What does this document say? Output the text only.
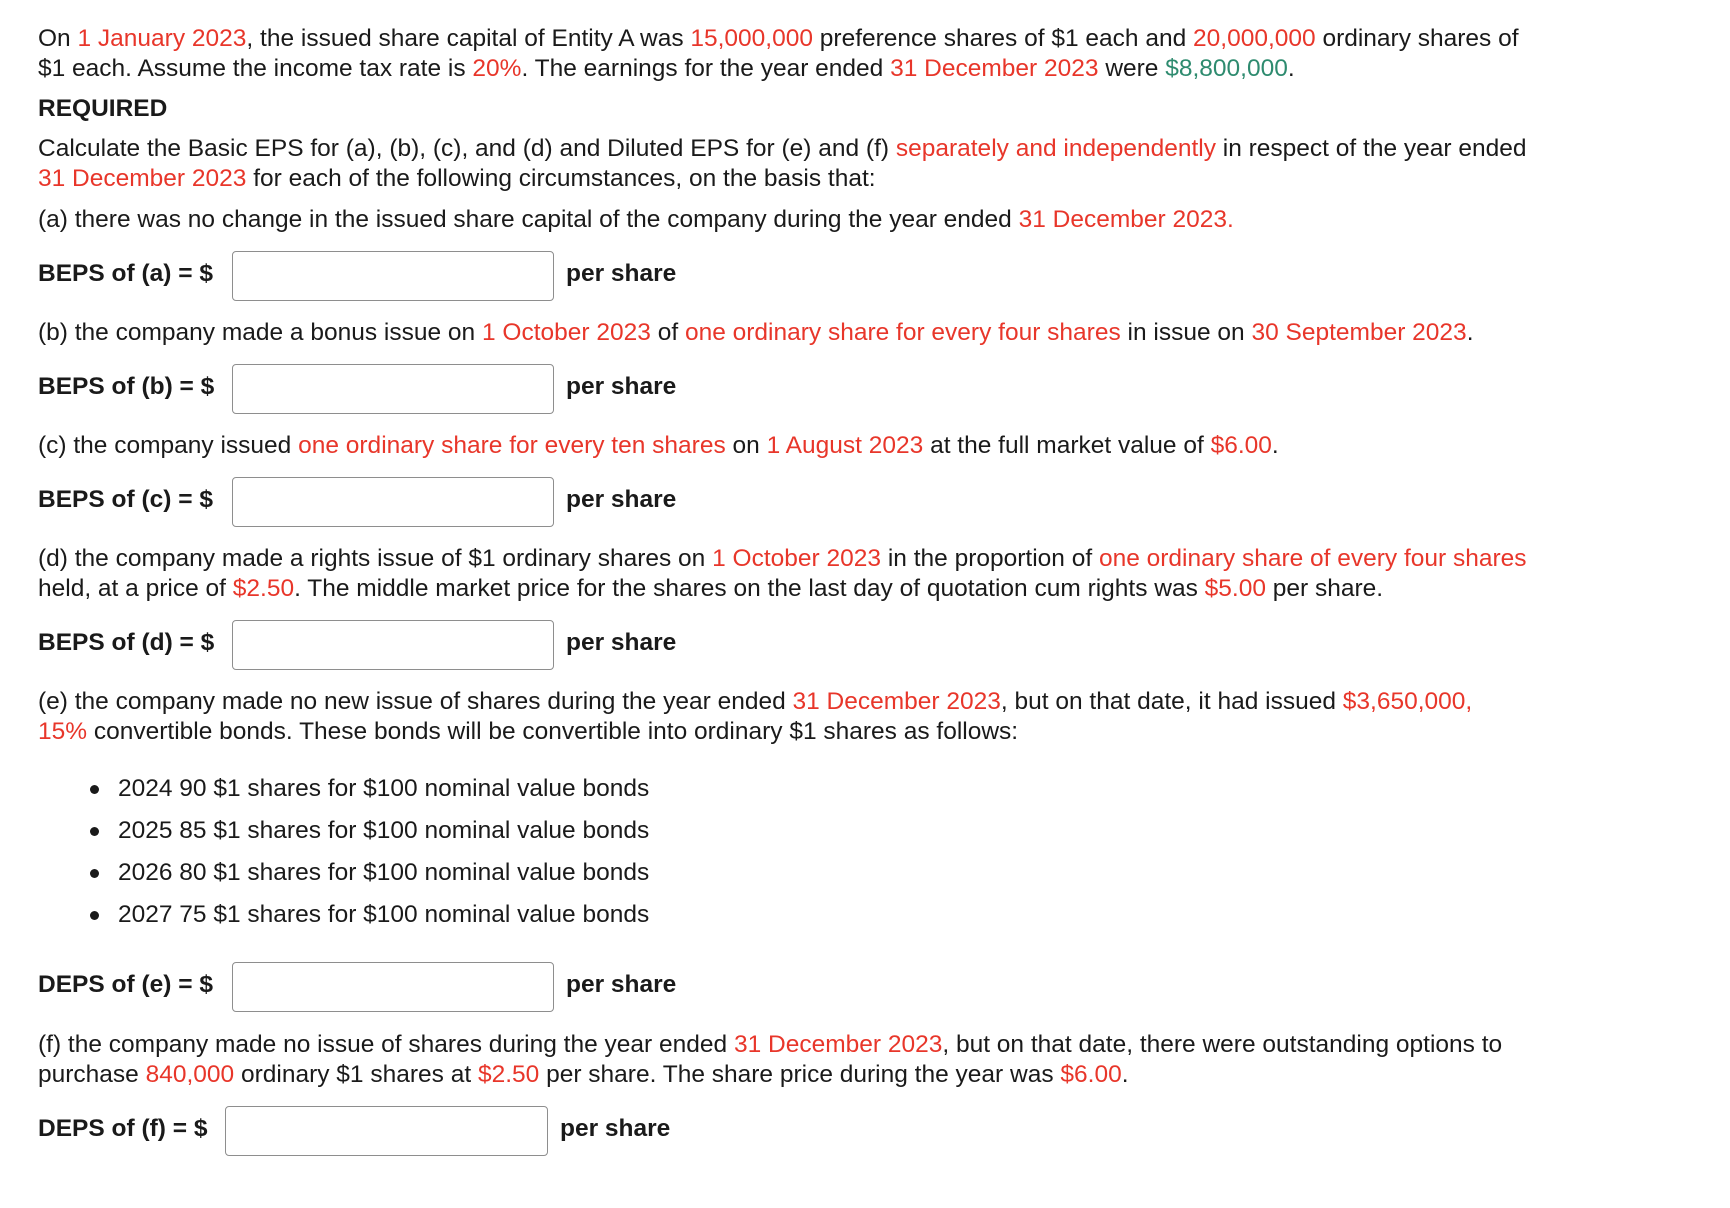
On 1 January 2023, the issued share capital of Entity A was 15,000,000 preference shares of $1 each and 20,000,000 ordinary shares of
$1 each. Assume the income tax rate is 20%. The earnings for the year ended 31 December 2023 were $8,800,000.
REQUIRED
Calculate the Basic EPS for (a), (b), (c), and (d) and Diluted EPS for (e) and (f) separately and independently in respect of the year ended
31 December 2023 for each of the following circumstances, on the basis that:
(a) there was no change in the issued share capital of the company during the year ended 31 December 2023.
BEPS of (a) = $	per share
(b) the company made a bonus issue on 1 October 2023 of one ordinary share for every four shares in issue on 30 September 2023.
BEPS of (b) = $	per share
(c) the company issued one ordinary share for every ten shares on 1 August 2023 at the full market value of $6.00.
BEPS of (c) = $	per share
(d) the company made a rights issue of $1 ordinary shares on 1 October 2023 in the proportion of one ordinary share of every four shares
held, at a price of $2.50. The middle market price for the shares on the last day of quotation cum rights was $5.00 per share.
BEPS of (d) = $	per share
(e) the company made no new issue of shares during the year ended 31 December 2023, but on that date, it had issued $3,650,000,
15% convertible bonds. These bonds will be convertible into ordinary $1 shares as follows:
2024 90 $1 shares for $100 nominal value bonds
2025 85 $1 shares for $100 nominal value bonds
2026 80 $1 shares for $100 nominal value bonds
2027 75 $1 shares for $100 nominal value bonds
DEPS of (e) = $	per share
(f) the company made no issue of shares during the year ended 31 December 2023, but on that date, there were outstanding options to
purchase 840,000 ordinary $1 shares at $2.50 per share. The share price during the year was $6.00.
DEPS of (f) = $	per share
